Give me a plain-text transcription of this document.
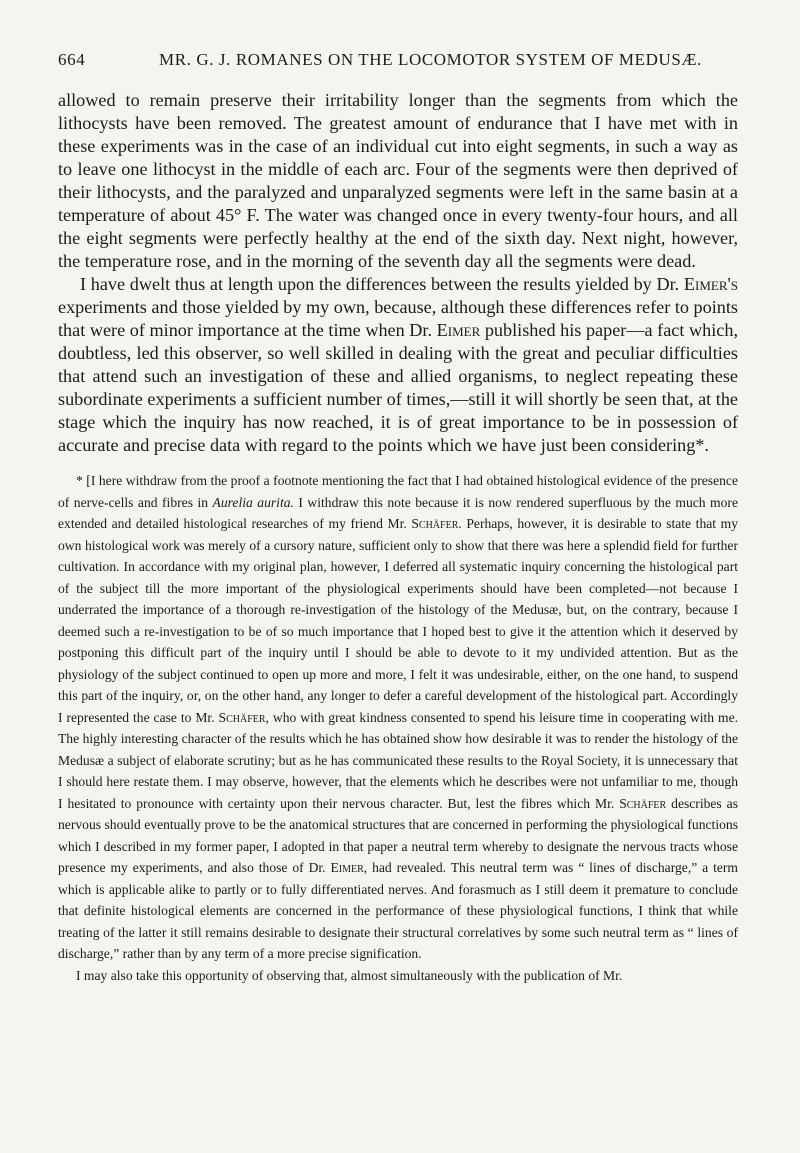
664	MR. G. J. ROMANES ON THE LOCOMOTOR SYSTEM OF MEDUSÆ.

allowed to remain preserve their irritability longer than the segments from which the lithocysts have been removed. The greatest amount of endurance that I have met with in these experiments was in the case of an individual cut into eight segments, in such a way as to leave one lithocyst in the middle of each arc. Four of the segments were then deprived of their lithocysts, and the paralyzed and unparalyzed segments were left in the same basin at a temperature of about 45° F. The water was changed once in every twenty-four hours, and all the eight segments were perfectly healthy at the end of the sixth day. Next night, however, the temperature rose, and in the morning of the seventh day all the segments were dead.

I have dwelt thus at length upon the differences between the results yielded by Dr. Eimer's experiments and those yielded by my own, because, although these differences refer to points that were of minor importance at the time when Dr. Eimer published his paper—a fact which, doubtless, led this observer, so well skilled in dealing with the great and peculiar difficulties that attend such an investigation of these and allied organisms, to neglect repeating these subordinate experiments a sufficient number of times,—still it will shortly be seen that, at the stage which the inquiry has now reached, it is of great importance to be in possession of accurate and precise data with regard to the points which we have just been considering*.

* [I here withdraw from the proof a footnote mentioning the fact that I had obtained histological evidence of the presence of nerve-cells and fibres in Aurelia aurita. I withdraw this note because it is now rendered superfluous by the much more extended and detailed histological researches of my friend Mr. Schäfer. Perhaps, however, it is desirable to state that my own histological work was merely of a cursory nature, sufficient only to show that there was here a splendid field for further cultivation. In accordance with my original plan, however, I deferred all systematic inquiry concerning the histological part of the subject till the more important of the physiological experiments should have been completed—not because I underrated the importance of a thorough re-investigation of the histology of the Medusæ, but, on the contrary, because I deemed such a re-investigation to be of so much importance that I hoped best to give it the attention which it deserved by postponing this difficult part of the inquiry until I should be able to devote to it my undivided attention. But as the physiology of the subject continued to open up more and more, I felt it was undesirable, either, on the one hand, to suspend this part of the inquiry, or, on the other hand, any longer to defer a careful development of the histological part. Accordingly I represented the case to Mr. Schäfer, who with great kindness consented to spend his leisure time in cooperating with me. The highly interesting character of the results which he has obtained show how desirable it was to render the histology of the Medusæ a subject of elaborate scrutiny; but as he has communicated these results to the Royal Society, it is unnecessary that I should here restate them. I may observe, however, that the elements which he describes were not unfamiliar to me, though I hesitated to pronounce with certainty upon their nervous character. But, lest the fibres which Mr. Schäfer describes as nervous should eventually prove to be the anatomical structures that are concerned in performing the physiological functions which I described in my former paper, I adopted in that paper a neutral term whereby to designate the nervous tracts whose presence my experiments, and also those of Dr. Eimer, had revealed. This neutral term was “ lines of discharge,” a term which is applicable alike to partly or to fully differentiated nerves. And forasmuch as I still deem it premature to conclude that definite histological elements are concerned in the performance of these physiological functions, I think that while treating of the latter it still remains desirable to designate their structural correlatives by some such neutral term as “ lines of discharge,” rather than by any term of a more precise signification.

I may also take this opportunity of observing that, almost simultaneously with the publication of Mr.
